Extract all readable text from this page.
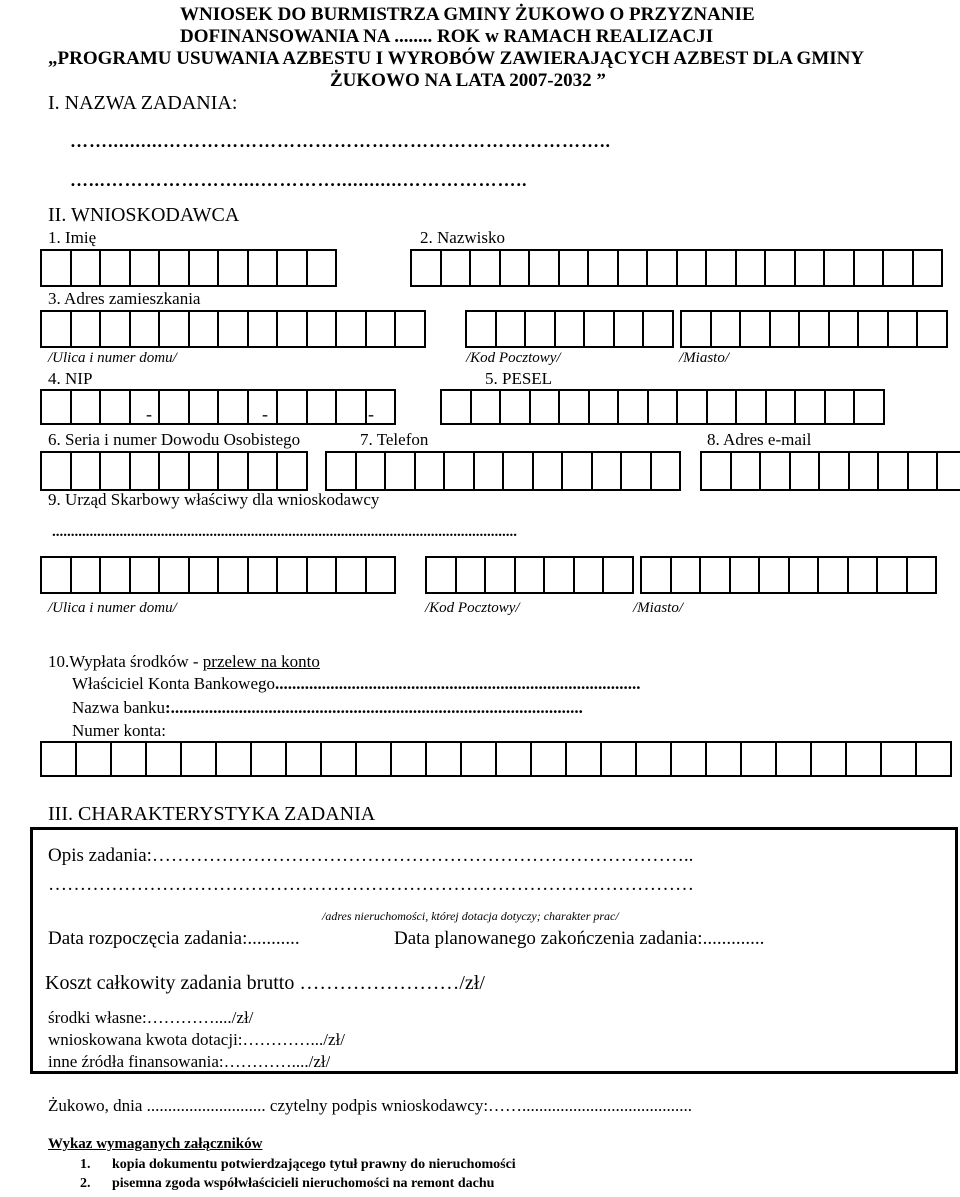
WNIOSEK DO BURMISTRZA GMINY ŻUKOWO O PRZYZNANIE
DOFINANSOWANIA NA ........ ROK w RAMACH REALIZACJI
„PROGRAMU USUWANIA AZBESTU I WYROBÓW ZAWIERAJĄCYCH AZBEST DLA GMINY
ŻUKOWO NA LATA 2007-2032 ”
I. NAZWA ZADANIA:
……..........……………………………………………………………..
…...…………………....…………............………………..
II. WNIOSKODAWCA
1. Imię	2. Nazwisko
3. Adres zamieszkania
/Ulica i numer domu/	/Kod Pocztowy/	/Miasto/
4. NIP	5. PESEL
-	-	-
6. Seria i numer Dowodu Osobistego	7. Telefon	8. Adres e-mail
9. Urząd Skarbowy właściwy dla wnioskodawcy
............................................................................................................................
/Ulica i numer domu/	/Kod Pocztowy/	/Miasto/
10.Wypłata środków - przelew na konto
Właściciel Konta Bankowego......................................................................................
Nazwa banku:.................................................................................................
Numer konta:
III. CHARAKTERYSTYKA ZADANIA
Opis zadania:…………………………………………………………………………..
…………………………………………………………………………………………
/adres nieruchomości, której dotacja dotyczy; charakter prac/
Data rozpoczęcia zadania:...........	Data planowanego zakończenia zadania:.............
Koszt całkowity zadania brutto ……………………/zł/
środki własne:…………..../zł/
wnioskowana kwota dotacji:………….../zł/
inne źródła finansowania:…………..../zł/
Żukowo, dnia ............................ czytelny podpis wnioskodawcy:……........................................
Wykaz wymaganych załączników
1. kopia dokumentu potwierdzającego tytuł prawny do nieruchomości
2. pisemna zgoda współwłaścicieli nieruchomości na remont dachu
